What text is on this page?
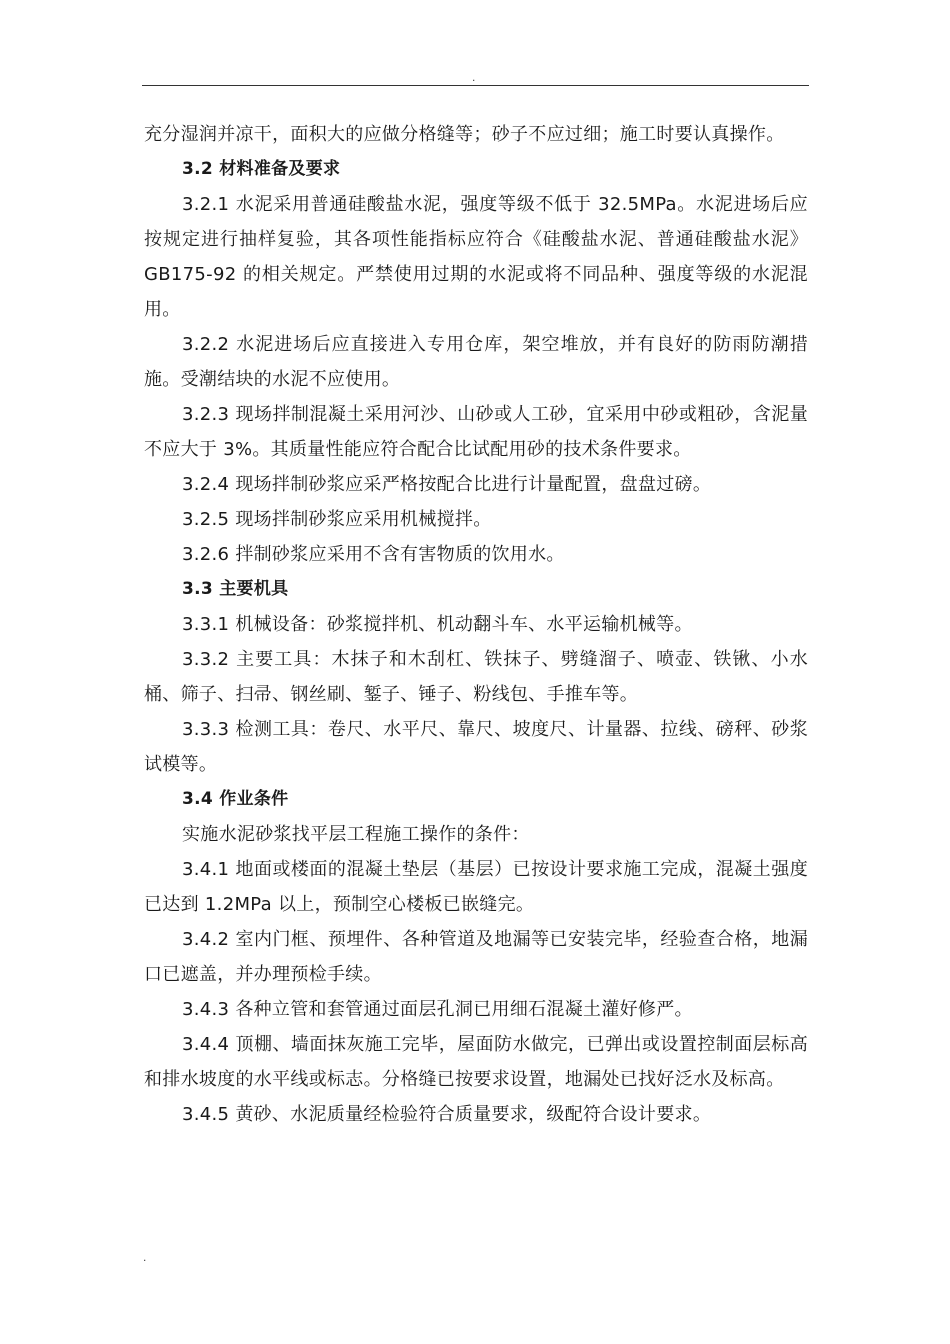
.

充分湿润并凉干，面积大的应做分格缝等；砂子不应过细；施工时要认真操作。

3.2 材料准备及要求

3.2.1 水泥采用普通硅酸盐水泥，强度等级不低于 32.5MPa。水泥进场后应按规定进行抽样复验，其各项性能指标应符合《硅酸盐水泥、普通硅酸盐水泥》GB175-92 的相关规定。严禁使用过期的水泥或将不同品种、强度等级的水泥混用。

3.2.2 水泥进场后应直接进入专用仓库，架空堆放，并有良好的防雨防潮措施。受潮结块的水泥不应使用。

3.2.3 现场拌制混凝土采用河沙、山砂或人工砂，宜采用中砂或粗砂，含泥量不应大于 3%。其质量性能应符合配合比试配用砂的技术条件要求。

3.2.4 现场拌制砂浆应采严格按配合比进行计量配置，盘盘过磅。

3.2.5 现场拌制砂浆应采用机械搅拌。

3.2.6 拌制砂浆应采用不含有害物质的饮用水。

3.3 主要机具

3.3.1 机械设备：砂浆搅拌机、机动翻斗车、水平运输机械等。

3.3.2 主要工具：木抹子和木刮杠、铁抹子、劈缝溜子、喷壶、铁锹、小水桶、筛子、扫帚、钢丝刷、錾子、锤子、粉线包、手推车等。

3.3.3 检测工具：卷尺、水平尺、靠尺、坡度尺、计量器、拉线、磅秤、砂浆试模等。

3.4 作业条件

实施水泥砂浆找平层工程施工操作的条件：

3.4.1 地面或楼面的混凝土垫层（基层）已按设计要求施工完成，混凝土强度已达到 1.2MPa 以上，预制空心楼板已嵌缝完。

3.4.2 室内门框、预埋件、各种管道及地漏等已安装完毕，经验查合格，地漏口已遮盖，并办理预检手续。

3.4.3 各种立管和套管通过面层孔洞已用细石混凝土灌好修严。

3.4.4 顶棚、墙面抹灰施工完毕，屋面防水做完，已弹出或设置控制面层标高和排水坡度的水平线或标志。分格缝已按要求设置，地漏处已找好泛水及标高。

3.4.5 黄砂、水泥质量经检验符合质量要求，级配符合设计要求。

.
